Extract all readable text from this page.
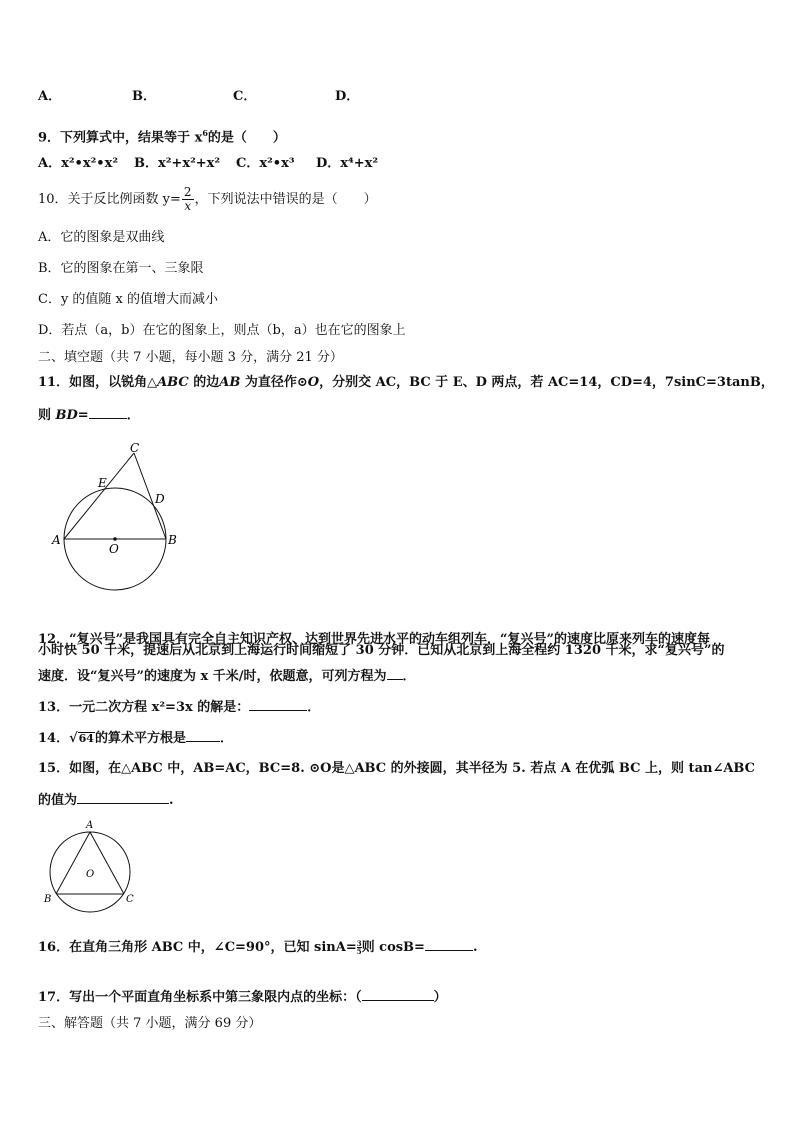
A．	B．	C．	D．
9．下列算式中，结果等于 $x^6$的是（　　）
A．x²•x²•x² B．x²+x²+x² C．x²•x³ D．x⁴+x²
10．关于反比例函数 $y= \frac{2}{x}$ ，下列说法中错误的是（　　）
A．它的图象是双曲线
B．它的图象在第一、三象限
C．y 的值随 x 的值增大而减小
D．若点（a，b）在它的图象上，则点（b，a）也在它的图象上
二、填空题（共 7 小题，每小题 3 分，满分 21 分）
11．如图，以锐角△ABC 的边AB 为直径作⊙O，分别交 AC，BC 于 E、D 两点，若 AC=14，CD=4，7sinC=3tanB，
则 BD=	．
C
E
D
A
O
B
12．“复兴号”是我国具有完全自主知识产权、达到世界先进水平的动车组列车．“复兴号”的速度比原来列车的速度每
小时快 50 千米，提速后从北京到上海运行时间缩短了 30 分钟．已知从北京到上海全程约 1320 千米，求“复兴号”的
速度．设“复兴号”的速度为 x 千米/时，依题意，可列方程为 ．
13．一元二次方程 x²=3x 的解是：	．
14．√64的算术平方根是	．
15．如图，在△ABC 中，AB=AC，BC=8. ⊙O是△ABC 的外接圆，其半径为 5. 若点 A 在优弧 BC 上，则 tan∠ABC
的值为	.
A
O
B	C
16．在直角三角形 ABC 中，∠C=90°，已知 $\sin A= \frac{3}{5}$则 cosB=	.
17．写出一个平面直角坐标系中第三象限内点的坐标：（	）
三、解答题（共 7 小题，满分 69 分）
